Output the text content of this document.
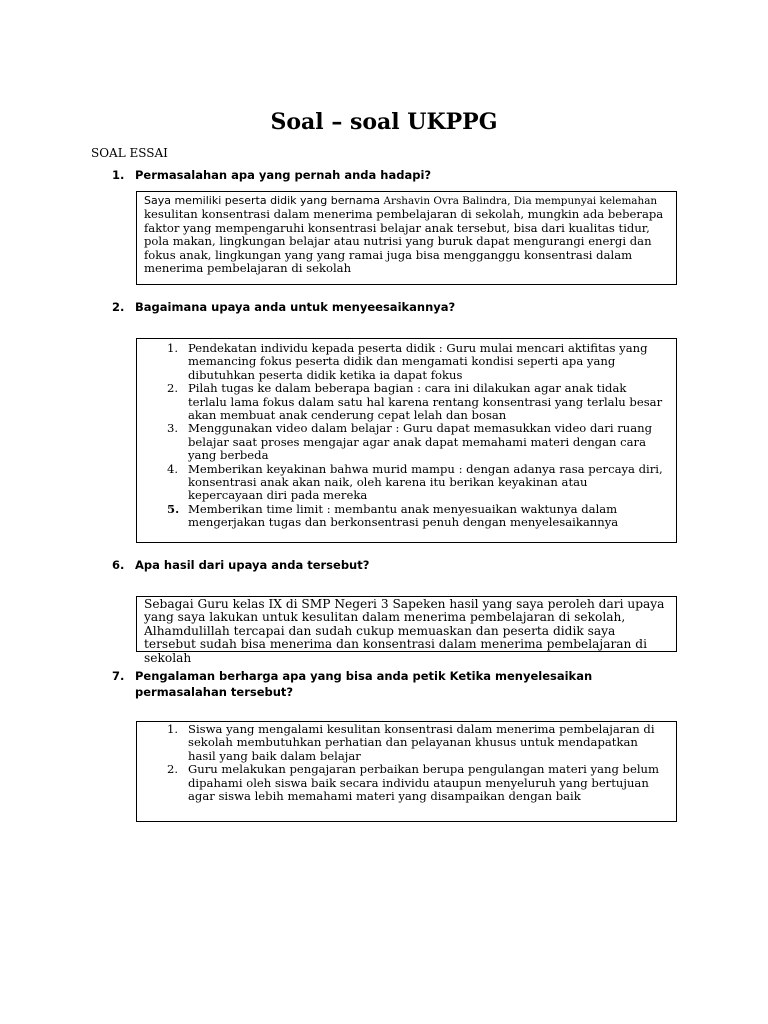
Soal – soal UKPPG
SOAL ESSAI
1. Permasalahan apa yang pernah anda hadapi?

Saya memiliki peserta didik yang bernama Arshavin Ovra Balindra, Dia mempunyai kelemahan kesulitan konsentrasi dalam menerima pembelajaran di sekolah, mungkin ada beberapa faktor yang mempengaruhi konsentrasi belajar anak tersebut, bisa dari kualitas tidur, pola makan, lingkungan belajar atau nutrisi yang buruk dapat mengurangi energi dan fokus anak, lingkungan yang yang ramai juga bisa mengganggu konsentrasi dalam menerima pembelajaran di sekolah

2. Bagaimana upaya anda untuk menyeesaikannya?
1. Pendekatan individu kepada peserta didik : Guru mulai mencari aktifitas yang memancing fokus peserta didik dan mengamati kondisi seperti apa yang dibutuhkan peserta didik ketika ia dapat fokus
2. Pilah tugas ke dalam beberapa bagian : cara ini dilakukan agar anak tidak terlalu lama fokus dalam satu hal karena rentang konsentrasi yang terlalu besar akan membuat anak cenderung cepat lelah dan bosan
3. Menggunakan video dalam belajar : Guru dapat memasukkan video dari ruang belajar saat proses mengajar agar anak dapat memahami materi dengan cara yang berbeda
4. Memberikan keyakinan bahwa murid mampu : dengan adanya rasa percaya diri, konsentrasi anak akan naik, oleh karena itu berikan keyakinan atau kepercayaan diri pada mereka
5. Memberikan time limit : membantu anak menyesuaikan waktunya dalam mengerjakan tugas dan berkonsentrasi penuh dengan menyelesaikannya
6. Apa hasil dari upaya anda tersebut?

Sebagai Guru kelas IX di SMP Negeri 3 Sapeken hasil yang saya peroleh dari upaya yang saya lakukan untuk kesulitan dalam menerima pembelajaran di sekolah, Alhamdulillah tercapai dan sudah cukup memuaskan dan peserta didik saya tersebut sudah bisa menerima dan konsentrasi dalam menerima pembelajaran di sekolah

7. Pengalaman berharga apa yang bisa anda petik Ketika menyelesaikan permasalahan tersebut?
1. Siswa yang mengalami kesulitan konsentrasi dalam menerima pembelajaran di sekolah membutuhkan perhatian dan pelayanan khusus untuk mendapatkan hasil yang baik dalam belajar
2. Guru melakukan pengajaran perbaikan berupa pengulangan materi yang belum dipahami oleh siswa baik secara individu ataupun menyeluruh yang bertujuan agar siswa lebih memahami materi yang disampaikan dengan baik
